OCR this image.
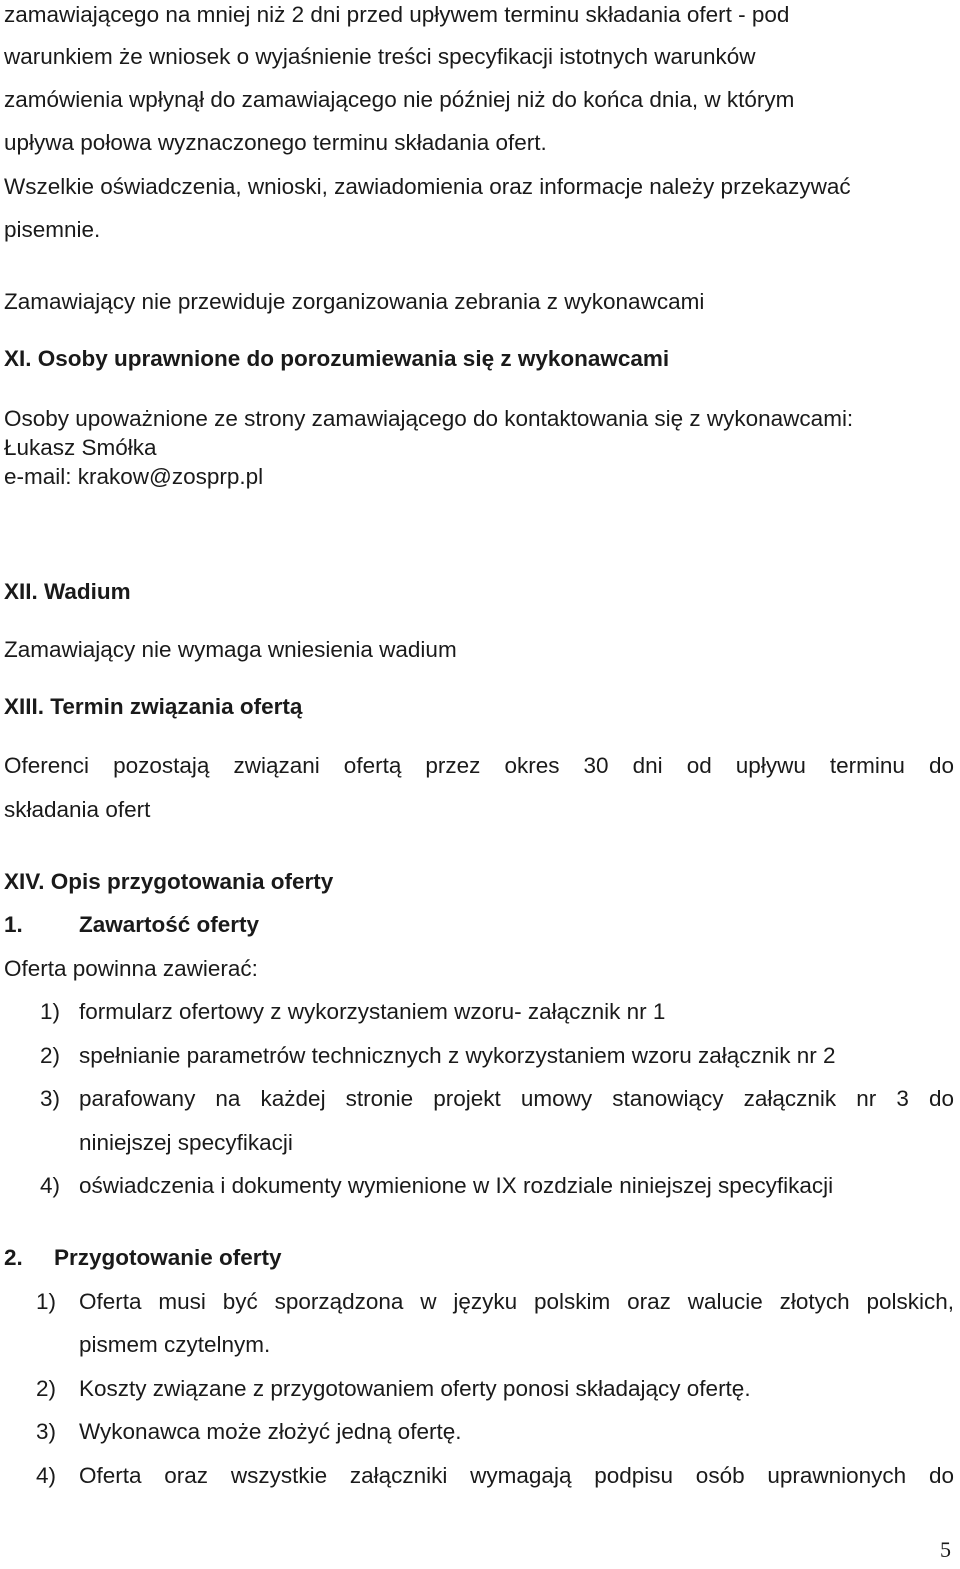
zamawiającego na mniej niż 2 dni przed upływem terminu składania ofert - pod
warunkiem że wniosek o wyjaśnienie treści specyfikacji istotnych warunków
zamówienia wpłynął do zamawiającego nie później niż do końca dnia, w którym
upływa połowa wyznaczonego terminu składania ofert.
Wszelkie oświadczenia, wnioski, zawiadomienia oraz informacje należy przekazywać
pisemnie.
Zamawiający nie przewiduje zorganizowania zebrania z wykonawcami
XI. Osoby uprawnione do porozumiewania się z wykonawcami
Osoby upoważnione ze strony zamawiającego do kontaktowania się z wykonawcami:
Łukasz Smółka
e-mail: krakow@zosprp.pl
XII. Wadium
Zamawiający nie wymaga wniesienia wadium
XIII. Termin związania ofertą
Oferenci pozostają związani ofertą przez okres 30 dni od upływu terminu do
składania ofert
XIV. Opis przygotowania oferty
1. Zawartość oferty
Oferta powinna zawierać:
1) formularz ofertowy z wykorzystaniem wzoru- załącznik nr 1
2) spełnianie parametrów technicznych z wykorzystaniem wzoru załącznik nr 2
3) parafowany na każdej stronie projekt umowy stanowiący załącznik nr 3 do
niniejszej specyfikacji
4) oświadczenia i dokumenty wymienione w IX rozdziale niniejszej specyfikacji
2. Przygotowanie oferty
1) Oferta musi być sporządzona w języku polskim oraz walucie złotych polskich,
pismem czytelnym.
2) Koszty związane z przygotowaniem oferty ponosi składający ofertę.
3) Wykonawca może złożyć jedną ofertę.
4) Oferta oraz wszystkie załączniki wymagają podpisu osób uprawnionych do
5
